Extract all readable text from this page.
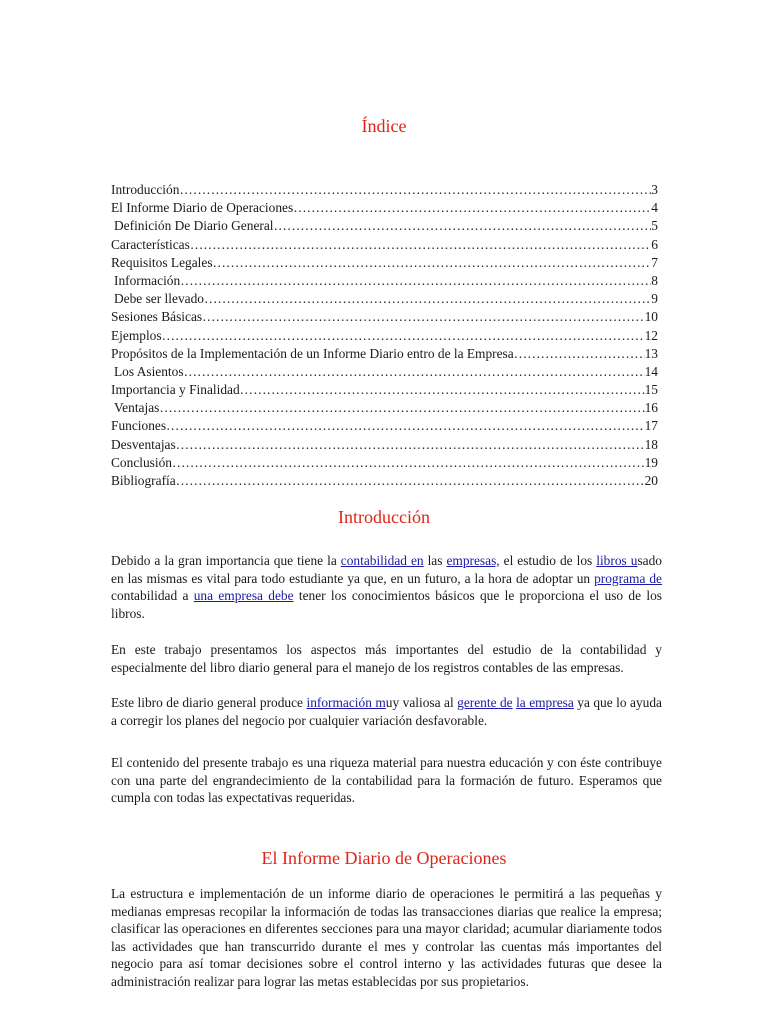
Índice
Introducción ……………………………………………………………………………………………………………………………………………………………………………………………………………	3
El Informe Diario de Operaciones ……………………………………………………………………………………………………………………………………………………………………………………………………………	4
Definición De Diario General ……………………………………………………………………………………………………………………………………………………………………………………………………………	5
Características ……………………………………………………………………………………………………………………………………………………………………………………………………………	6
Requisitos Legales ……………………………………………………………………………………………………………………………………………………………………………………………………………	7
Información ……………………………………………………………………………………………………………………………………………………………………………………………………………	8
Debe ser llevado ……………………………………………………………………………………………………………………………………………………………………………………………………………	9
Sesiones Básicas ……………………………………………………………………………………………………………………………………………………………………………………………………………	10
Ejemplos ……………………………………………………………………………………………………………………………………………………………………………………………………………	12
Propósitos de la Implementación de un Informe Diario entro de la Empresa ……………………………………………………………………………………………………………………………………………………………………………………………………………	13
Los Asientos ……………………………………………………………………………………………………………………………………………………………………………………………………………	14
Importancia y Finalidad ……………………………………………………………………………………………………………………………………………………………………………………………………………	15
Ventajas ……………………………………………………………………………………………………………………………………………………………………………………………………………	16
Funciones ……………………………………………………………………………………………………………………………………………………………………………………………………………	17
Desventajas ……………………………………………………………………………………………………………………………………………………………………………………………………………	18
Conclusión ……………………………………………………………………………………………………………………………………………………………………………………………………………	19
Bibliografía ……………………………………………………………………………………………………………………………………………………………………………………………………………	20
Introducción

Debido a la gran importancia que tiene la contabilidad en las empresas, el estudio de los libros usado en las mismas es vital para todo estudiante ya que, en un futuro, a la hora de adoptar un programa de contabilidad a una empresa debe tener los conocimientos básicos que le proporciona el uso de los libros.

En este trabajo presentamos los aspectos más importantes del estudio de la contabilidad y especialmente del libro diario general para el manejo de los registros contables de las empresas.

Este libro de diario general produce información muy valiosa al gerente de la empresa ya que lo ayuda a corregir los planes del negocio por cualquier variación desfavorable.

El contenido del presente trabajo es una riqueza material para nuestra educación y con éste contribuye con una parte del engrandecimiento de la contabilidad para la formación de futuro. Esperamos que cumpla con todas las expectativas requeridas.

El Informe Diario de Operaciones

La estructura e implementación de un informe diario de operaciones le permitirá a las pequeñas y medianas empresas recopilar la información de todas las transacciones diarias que realice la empresa; clasificar las operaciones en diferentes secciones para una mayor claridad; acumular diariamente todos las actividades que han transcurrido durante el mes y controlar las cuentas más importantes del negocio para así tomar decisiones sobre el control interno y las actividades futuras que desee la administración realizar para lograr las metas establecidas por sus propietarios.
